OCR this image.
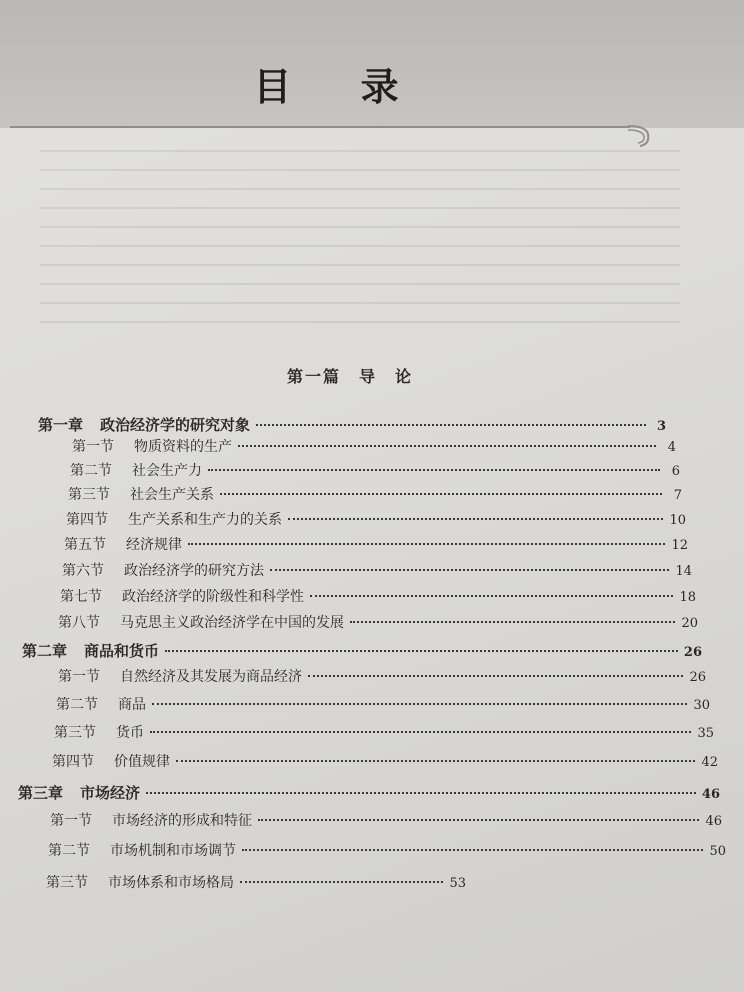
目 录
第一篇　导　论
第一章	政治经济学的研究对象	3
第一节	物质资料的生产	4
第二节	社会生产力	6
第三节	社会生产关系	7
第四节	生产关系和生产力的关系	10
第五节	经济规律	12
第六节	政治经济学的研究方法	14
第七节	政治经济学的阶级性和科学性	18
第八节	马克思主义政治经济学在中国的发展	20
第二章	商品和货币	26
第一节	自然经济及其发展为商品经济	26
第二节	商品	30
第三节	货币	35
第四节	价值规律	42
第三章	市场经济	46
第一节	市场经济的形成和特征	46
第二节	市场机制和市场调节	50
第三节	市场体系和市场格局	53
